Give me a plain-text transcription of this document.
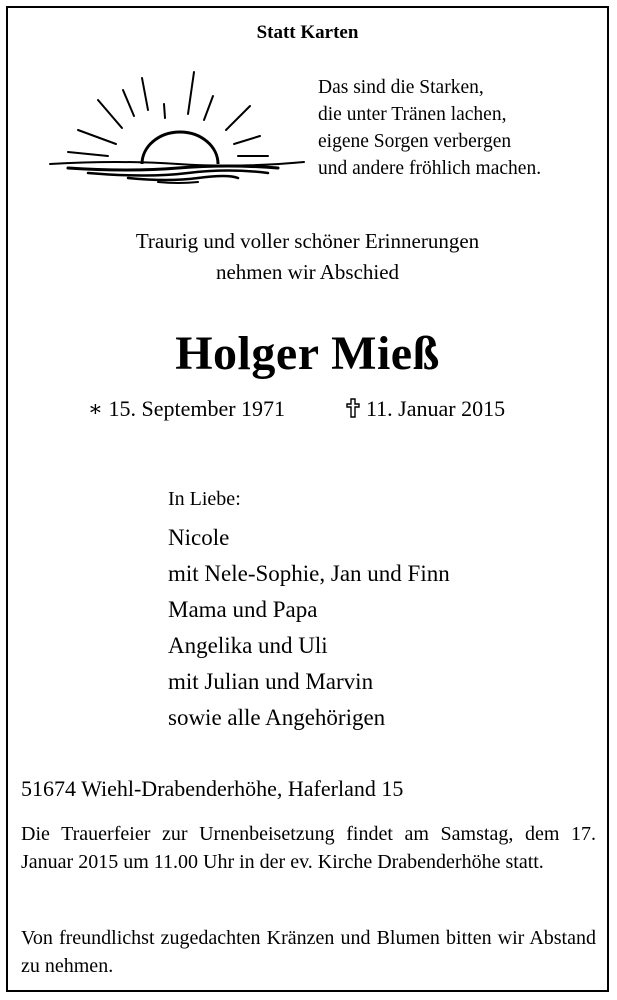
Statt Karten
Das sind die Starken,
die unter Tränen lachen,
eigene Sorgen verbergen
und andere fröhlich machen.
Traurig und voller schöner Erinnerungen
nehmen wir Abschied
Holger Mieß
∗ 15. September 1971	11. Januar 2015
In Liebe:
Nicole
mit Nele-Sophie, Jan und Finn
Mama und Papa
Angelika und Uli
mit Julian und Marvin
sowie alle Angehörigen
51674 Wiehl-Drabenderhöhe, Haferland 15
Die Trauerfeier zur Urnenbeisetzung findet am Samstag, dem 17. Januar 2015 um 11.00 Uhr in der ev. Kirche Drabenderhöhe statt.
Von freundlichst zugedachten Kränzen und Blumen bitten wir Abstand zu nehmen.
